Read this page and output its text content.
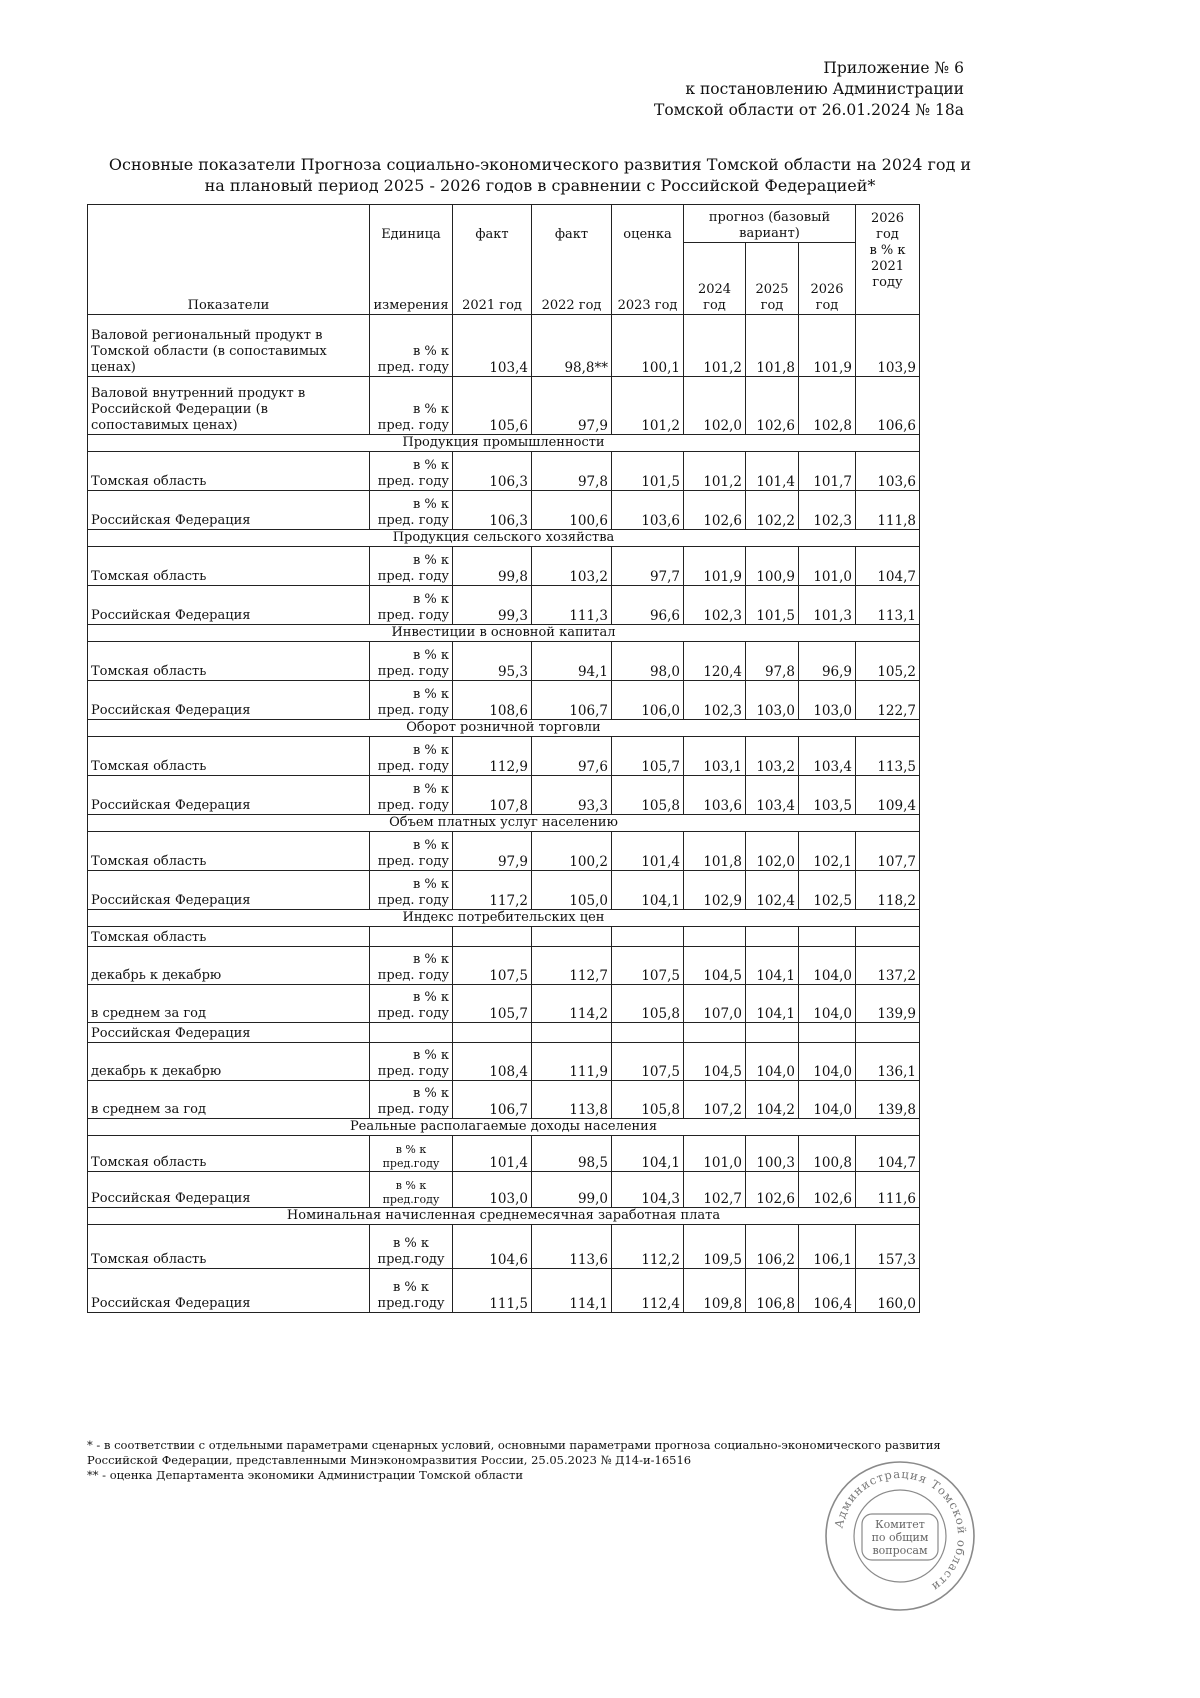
Приложение № 6
к постановлению Администрации
Томской области от 26.01.2024 № 18а
Основные показатели Прогноза социально-экономического развития Томской области на 2024 год и
на плановый период 2025 - 2026 годов в сравнении с Российской Федерацией*
Показатели	Единица	факт	факт	оценка	прогноз (базовый вариант)			2026 год
	измерения	2021 год	2022 год	2023 год	2024 год	2025 год	2026 год	в % к 2021 году
Валовой региональный продукт в Томской области (в сопоставимых ценах)	в % к пред. году	103,4	98,8**	100,1	101,2	101,8	101,9	103,9
Валовой внутренний продукт в Российской Федерации (в сопоставимых ценах)	в % к пред. году	105,6	97,9	101,2	102,0	102,6	102,8	106,6
Продукция промышленности								
Томская область	в % к пред. году	106,3	97,8	101,5	101,2	101,4	101,7	103,6
Российская Федерация	в % к пред. году	106,3	100,6	103,6	102,6	102,2	102,3	111,8
Продукция сельского хозяйства								
Томская область	в % к пред. году	99,8	103,2	97,7	101,9	100,9	101,0	104,7
Российская Федерация	в % к пред. году	99,3	111,3	96,6	102,3	101,5	101,3	113,1
Инвестиции в основной капитал								
Томская область	в % к пред. году	95,3	94,1	98,0	120,4	97,8	96,9	105,2
Российская Федерация	в % к пред. году	108,6	106,7	106,0	102,3	103,0	103,0	122,7
Оборот розничной торговли								
Томская область	в % к пред. году	112,9	97,6	105,7	103,1	103,2	103,4	113,5
Российская Федерация	в % к пред. году	107,8	93,3	105,8	103,6	103,4	103,5	109,4
Объем платных услуг населению								
Томская область	в % к пред. году	97,9	100,2	101,4	101,8	102,0	102,1	107,7
Российская Федерация	в % к пред. году	117,2	105,0	104,1	102,9	102,4	102,5	118,2
Индекс потребительских цен								
Томская область								
декабрь к декабрю	в % к пред. году	107,5	112,7	107,5	104,5	104,1	104,0	137,2
в среднем за год	в % к пред. году	105,7	114,2	105,8	107,0	104,1	104,0	139,9
Российская Федерация								
декабрь к декабрю	в % к пред. году	108,4	111,9	107,5	104,5	104,0	104,0	136,1
в среднем за год	в % к пред. году	106,7	113,8	105,8	107,2	104,2	104,0	139,8
Реальные располагаемые доходы населения								
Томская область	в % к пред.году	101,4	98,5	104,1	101,0	100,3	100,8	104,7
Российская Федерация	в % к пред.году	103,0	99,0	104,3	102,7	102,6	102,6	111,6
Номинальная начисленная среднемесячная заработная плата								
Томская область	в % к пред.году	104,6	113,6	112,2	109,5	106,2	106,1	157,3
Российская Федерация	в % к пред.году	111,5	114,1	112,4	109,8	106,8	106,4	160,0
* - в соответствии с отдельными параметрами сценарных условий, основными параметрами прогноза социально-экономического развития Российской Федерации, представленными Минэкономразвития России, 25.05.2023 № Д14-и-16516
** - оценка Департамента экономики Администрации Томской области
Администрация Томской области
Комитет
по общим
вопросам
